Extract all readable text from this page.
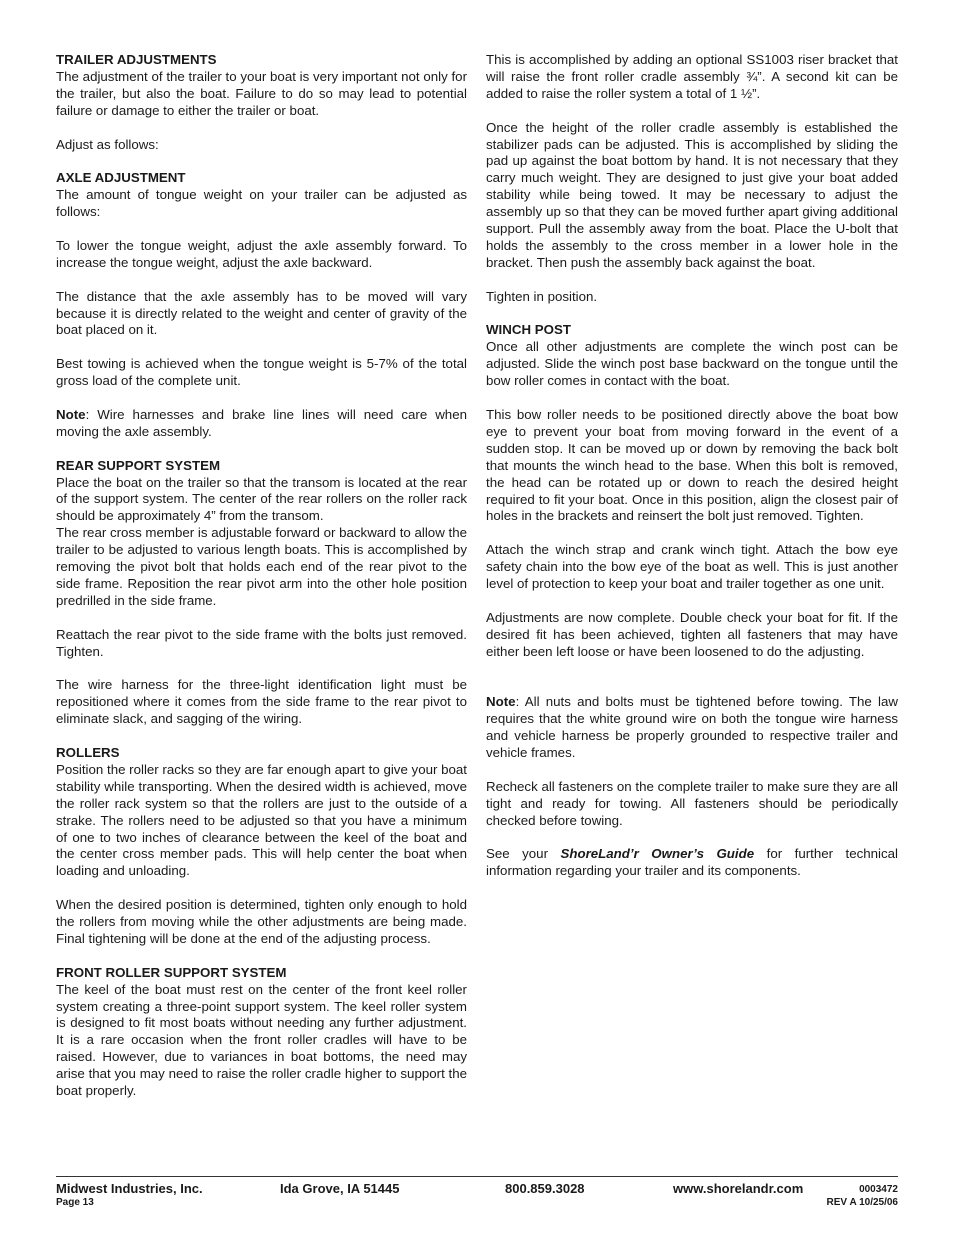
TRAILER ADJUSTMENTS

The adjustment of the trailer to your boat is very important not only for the trailer, but also the boat. Failure to do so may lead to potential failure or damage to either the trailer or boat.

Adjust as follows:

AXLE ADJUSTMENT

The amount of tongue weight on your trailer can be adjusted as follows:

To lower the tongue weight, adjust the axle assembly forward. To increase the tongue weight, adjust the axle backward.

The distance that the axle assembly has to be moved will vary because it is directly related to the weight and center of gravity of the boat placed on it.

Best towing is achieved when the tongue weight is 5-7% of the total gross load of the complete unit.

Note: Wire harnesses and brake line lines will need care when moving the axle assembly.

REAR SUPPORT SYSTEM

Place the boat on the trailer so that the transom is located at the rear of the support system. The center of the rear rollers on the roller rack should be approximately 4” from the transom.

The rear cross member is adjustable forward or backward to allow the trailer to be adjusted to various length boats. This is accomplished by removing the pivot bolt that holds each end of the rear pivot to the side frame. Reposition the rear pivot arm into the other hole position predrilled in the side frame.

Reattach the rear pivot to the side frame with the bolts just removed. Tighten.

The wire harness for the three-light identification light must be repositioned where it comes from the side frame to the rear pivot to eliminate slack, and sagging of the wiring.

ROLLERS

Position the roller racks so they are far enough apart to give your boat stability while transporting. When the desired width is achieved, move the roller rack system so that the rollers are just to the outside of a strake. The rollers need to be adjusted so that you have a minimum of one to two inches of clearance between the keel of the boat and the center cross member pads. This will help center the boat when loading and unloading.

When the desired position is determined, tighten only enough to hold the rollers from moving while the other adjustments are being made. Final tightening will be done at the end of the adjusting process.

FRONT ROLLER SUPPORT SYSTEM

The keel of the boat must rest on the center of the front keel roller system creating a three-point support system. The keel roller system is designed to fit most boats without needing any further adjustment. It is a rare occasion when the front roller cradles will have to be raised. However, due to variances in boat bottoms, the need may arise that you may need to raise the roller cradle higher to support the boat properly.

This is accomplished by adding an optional SS1003 riser bracket that will raise the front roller cradle assembly ¾”. A second kit can be added to raise the roller system a total of 1 ½”.

Once the height of the roller cradle assembly is established the stabilizer pads can be adjusted. This is accomplished by sliding the pad up against the boat bottom by hand. It is not necessary that they carry much weight. They are designed to just give your boat added stability while being towed. It may be necessary to adjust the assembly up so that they can be moved further apart giving additional support. Pull the assembly away from the boat. Place the U-bolt that holds the assembly to the cross member in a lower hole in the bracket. Then push the assembly back against the boat.

Tighten in position.

WINCH POST

Once all other adjustments are complete the winch post can be adjusted. Slide the winch post base backward on the tongue until the bow roller comes in contact with the boat.

This bow roller needs to be positioned directly above the boat bow eye to prevent your boat from moving forward in the event of a sudden stop. It can be moved up or down by removing the back bolt that mounts the winch head to the base. When this bolt is removed, the head can be rotated up or down to reach the desired height required to fit your boat. Once in this position, align the closest pair of holes in the brackets and reinsert the bolt just removed. Tighten.

Attach the winch strap and crank winch tight. Attach the bow eye safety chain into the bow eye of the boat as well. This is just another level of protection to keep your boat and trailer together as one unit.

Adjustments are now complete. Double check your boat for fit. If the desired fit has been achieved, tighten all fasteners that may have either been left loose or have been loosened to do the adjusting.

Note: All nuts and bolts must be tightened before towing. The law requires that the white ground wire on both the tongue wire harness and vehicle harness be properly grounded to respective trailer and vehicle frames.

Recheck all fasteners on the complete trailer to make sure they are all tight and ready for towing. All fasteners should be periodically checked before towing.

See your ShoreLand’r Owner’s Guide for further technical information regarding your trailer and its components.

Midwest Industries, Inc.	Ida Grove, IA 51445	800.859.3028	www.shorelandr.com	0003472
Page 13	REV A 10/25/06
